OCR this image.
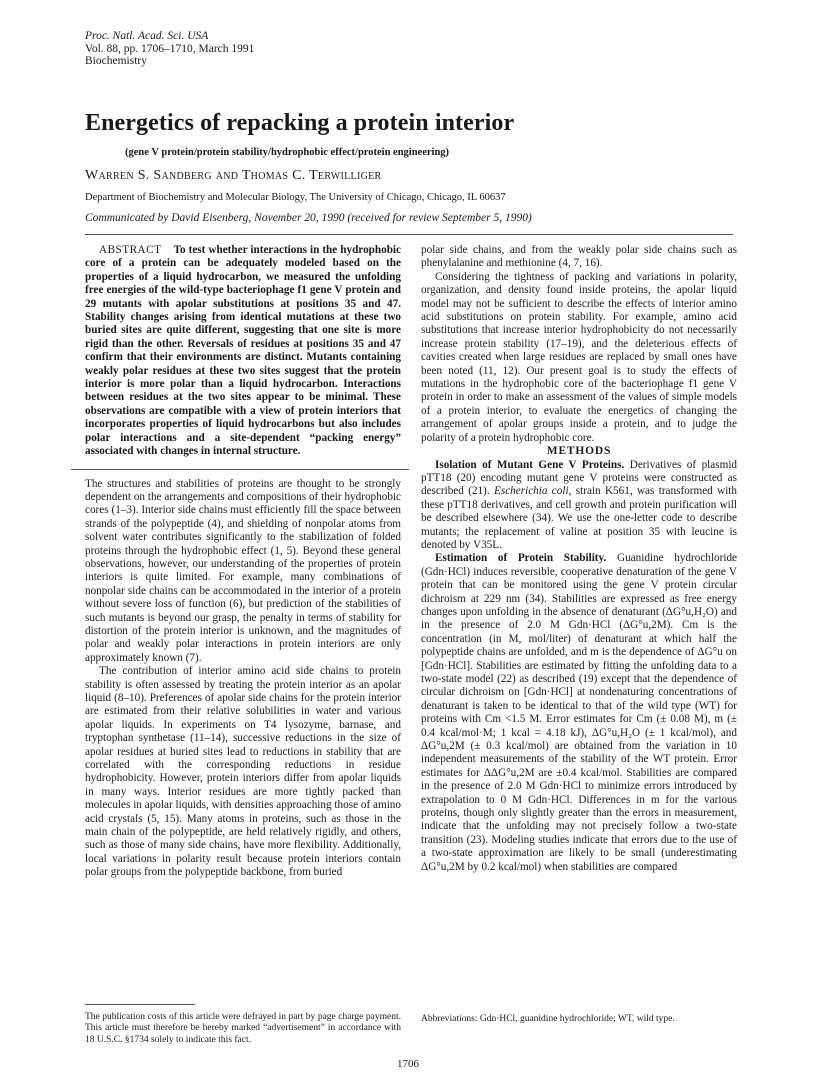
Proc. Natl. Acad. Sci. USA
Vol. 88, pp. 1706–1710, March 1991
Biochemistry
Energetics of repacking a protein interior
(gene V protein/protein stability/hydrophobic effect/protein engineering)
Warren S. Sandberg and Thomas C. Terwilliger
Department of Biochemistry and Molecular Biology, The University of Chicago, Chicago, IL 60637
Communicated by David Eisenberg, November 20, 1990 (received for review September 5, 1990)

ABSTRACT To test whether interactions in the hydrophobic core of a protein can be adequately modeled based on the properties of a liquid hydrocarbon, we measured the unfolding free energies of the wild-type bacteriophage f1 gene V protein and 29 mutants with apolar substitutions at positions 35 and 47. Stability changes arising from identical mutations at these two buried sites are quite different, suggesting that one site is more rigid than the other. Reversals of residues at positions 35 and 47 confirm that their environments are distinct. Mutants containing weakly polar residues at these two sites suggest that the protein interior is more polar than a liquid hydrocarbon. Interactions between residues at the two sites appear to be minimal. These observations are compatible with a view of protein interiors that incorporates properties of liquid hydrocarbons but also includes polar interactions and a site-dependent “packing energy” associated with changes in internal structure.

The structures and stabilities of proteins are thought to be strongly dependent on the arrangements and compositions of their hydrophobic cores (1–3). Interior side chains must efficiently fill the space between strands of the polypeptide (4), and shielding of nonpolar atoms from solvent water contributes significantly to the stabilization of folded proteins through the hydrophobic effect (1, 5). Beyond these general observations, however, our understanding of the properties of protein interiors is quite limited. For example, many combinations of nonpolar side chains can be accommodated in the interior of a protein without severe loss of function (6), but prediction of the stabilities of such mutants is beyond our grasp, the penalty in terms of stability for distortion of the protein interior is unknown, and the magnitudes of polar and weakly polar interactions in protein interiors are only approximately known (7).

The contribution of interior amino acid side chains to protein stability is often assessed by treating the protein interior as an apolar liquid (8–10). Preferences of apolar side chains for the protein interior are estimated from their relative solubilities in water and various apolar liquids. In experiments on T4 lysozyme, barnase, and tryptophan synthetase (11–14), successive reductions in the size of apolar residues at buried sites lead to reductions in stability that are correlated with the corresponding reductions in residue hydrophobicity. However, protein interiors differ from apolar liquids in many ways. Interior residues are more tightly packed than molecules in apolar liquids, with densities approaching those of amino acid crystals (5, 15). Many atoms in proteins, such as those in the main chain of the polypeptide, are held relatively rigidly, and others, such as those of many side chains, have more flexibility. Additionally, local variations in polarity result because protein interiors contain polar groups from the polypeptide backbone, from buried

polar side chains, and from the weakly polar side chains such as phenylalanine and methionine (4, 7, 16).

Considering the tightness of packing and variations in polarity, organization, and density found inside proteins, the apolar liquid model may not be sufficient to describe the effects of interior amino acid substitutions on protein stability. For example, amino acid substitutions that increase interior hydrophobicity do not necessarily increase protein stability (17–19), and the deleterious effects of cavities created when large residues are replaced by small ones have been noted (11, 12). Our present goal is to study the effects of mutations in the hydrophobic core of the bacteriophage f1 gene V protein in order to make an assessment of the values of simple models of a protein interior, to evaluate the energetics of changing the arrangement of apolar groups inside a protein, and to judge the polarity of a protein hydrophobic core.

METHODS

Isolation of Mutant Gene V Proteins. Derivatives of plasmid pTT18 (20) encoding mutant gene V proteins were constructed as described (21). Escherichia coli, strain K561, was transformed with these pTT18 derivatives, and cell growth and protein purification will be described elsewhere (34). We use the one-letter code to describe mutants; the replacement of valine at position 35 with leucine is denoted by V35L.

Estimation of Protein Stability. Guanidine hydrochloride (Gdn·HCl) induces reversible, cooperative denaturation of the gene V protein that can be monitored using the gene V protein circular dichroism at 229 nm (34). Stabilities are expressed as free energy changes upon unfolding in the absence of denaturant (ΔG°u,H₂O) and in the presence of 2.0 M Gdn·HCl (ΔG°u,2M). Cm is the concentration (in M, mol/liter) of denaturant at which half the polypeptide chains are unfolded, and m is the dependence of ΔG°u on [Gdn·HCl]. Stabilities are estimated by fitting the unfolding data to a two-state model (22) as described (19) except that the dependence of circular dichroism on [Gdn·HCl] at nondenaturing concentrations of denaturant is taken to be identical to that of the wild type (WT) for proteins with Cm <1.5 M. Error estimates for Cm (± 0.08 M), m (± 0.4 kcal/mol·M; 1 kcal = 4.18 kJ), ΔG°u,H₂O (± 1 kcal/mol), and ΔG°u,2M (± 0.3 kcal/mol) are obtained from the variation in 10 independent measurements of the stability of the WT protein. Error estimates for ΔΔG°u,2M are ±0.4 kcal/mol. Stabilities are compared in the presence of 2.0 M Gdn·HCl to minimize errors introduced by extrapolation to 0 M Gdn·HCl. Differences in m for the various proteins, though only slightly greater than the errors in measurement, indicate that the unfolding may not precisely follow a two-state transition (23). Modeling studies indicate that errors due to the use of a two-state approximation are likely to be small (underestimating ΔG°u,2M by 0.2 kcal/mol) when stabilities are compared

The publication costs of this article were defrayed in part by page charge payment. This article must therefore be hereby marked “advertisement” in accordance with 18 U.S.C. §1734 solely to indicate this fact.
Abbreviations: Gdn·HCl, guanidine hydrochloride; WT, wild type.
1706
